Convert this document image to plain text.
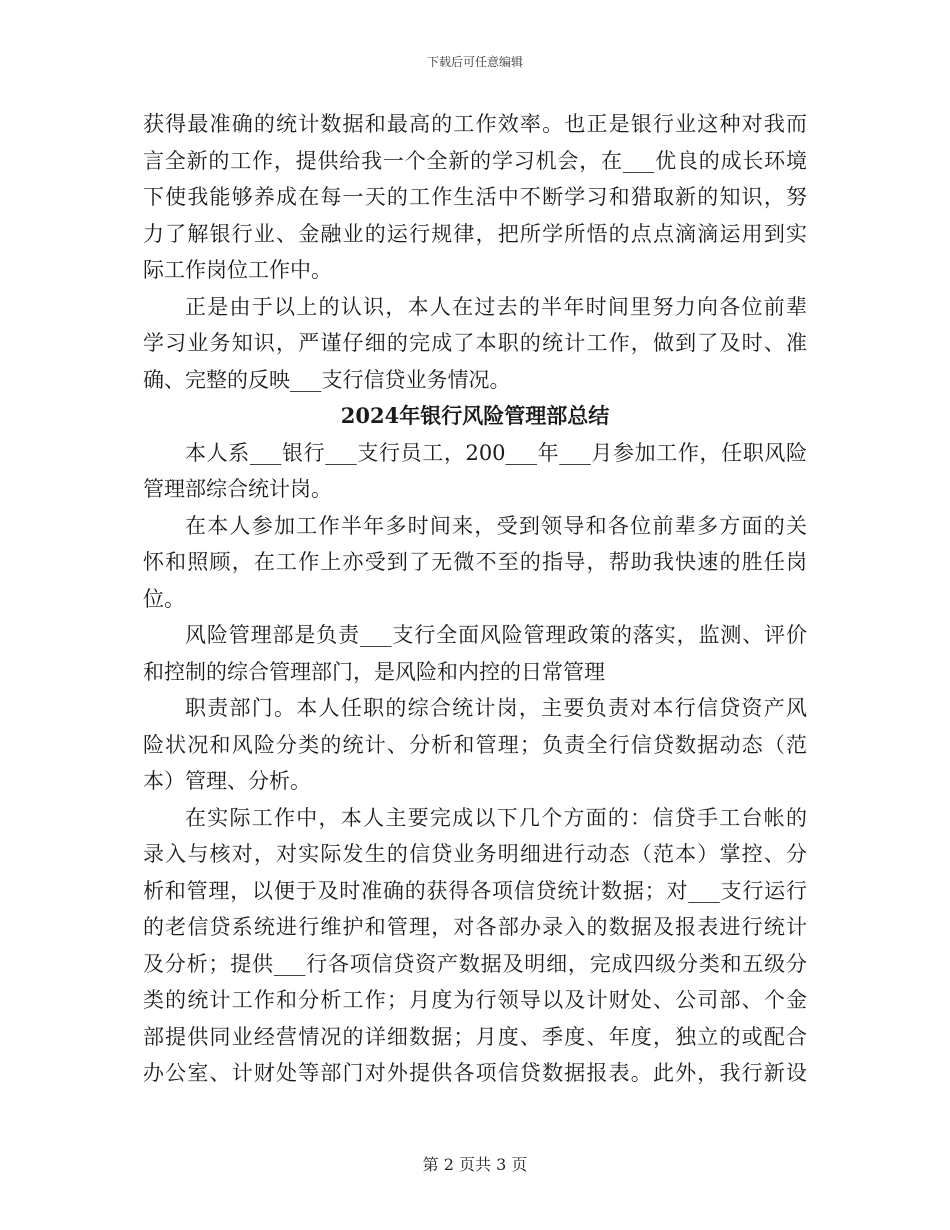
下载后可任意编辑
获得最准确的统计数据和最高的工作效率。也正是银行业这种对我而
言全新的工作，提供给我一个全新的学习机会，在___优良的成长环境
下使我能够养成在每一天的工作生活中不断学习和猎取新的知识，努
力了解银行业、金融业的运行规律，把所学所悟的点点滴滴运用到实
际工作岗位工作中。
正是由于以上的认识，本人在过去的半年时间里努力向各位前辈
学习业务知识，严谨仔细的完成了本职的统计工作，做到了及时、准
确、完整的反映___支行信贷业务情况。
2024年银行风险管理部总结
本人系___银行___支行员工，200___年___月参加工作，任职风险
管理部综合统计岗。
在本人参加工作半年多时间来，受到领导和各位前辈多方面的关
怀和照顾，在工作上亦受到了无微不至的指导，帮助我快速的胜任岗
位。
风险管理部是负责___支行全面风险管理政策的落实，监测、评价
和控制的综合管理部门，是风险和内控的日常管理
职责部门。本人任职的综合统计岗，主要负责对本行信贷资产风
险状况和风险分类的统计、分析和管理；负责全行信贷数据动态（范
本）管理、分析。
在实际工作中，本人主要完成以下几个方面的：信贷手工台帐的
录入与核对，对实际发生的信贷业务明细进行动态（范本）掌控、分
析和管理，以便于及时准确的获得各项信贷统计数据；对___支行运行
的老信贷系统进行维护和管理，对各部办录入的数据及报表进行统计
及分析；提供___行各项信贷资产数据及明细，完成四级分类和五级分
类的统计工作和分析工作；月度为行领导以及计财处、公司部、个金
部提供同业经营情况的详细数据；月度、季度、年度，独立的或配合
办公室、计财处等部门对外提供各项信贷数据报表。此外，我行新设
第 2 页共 3 页
